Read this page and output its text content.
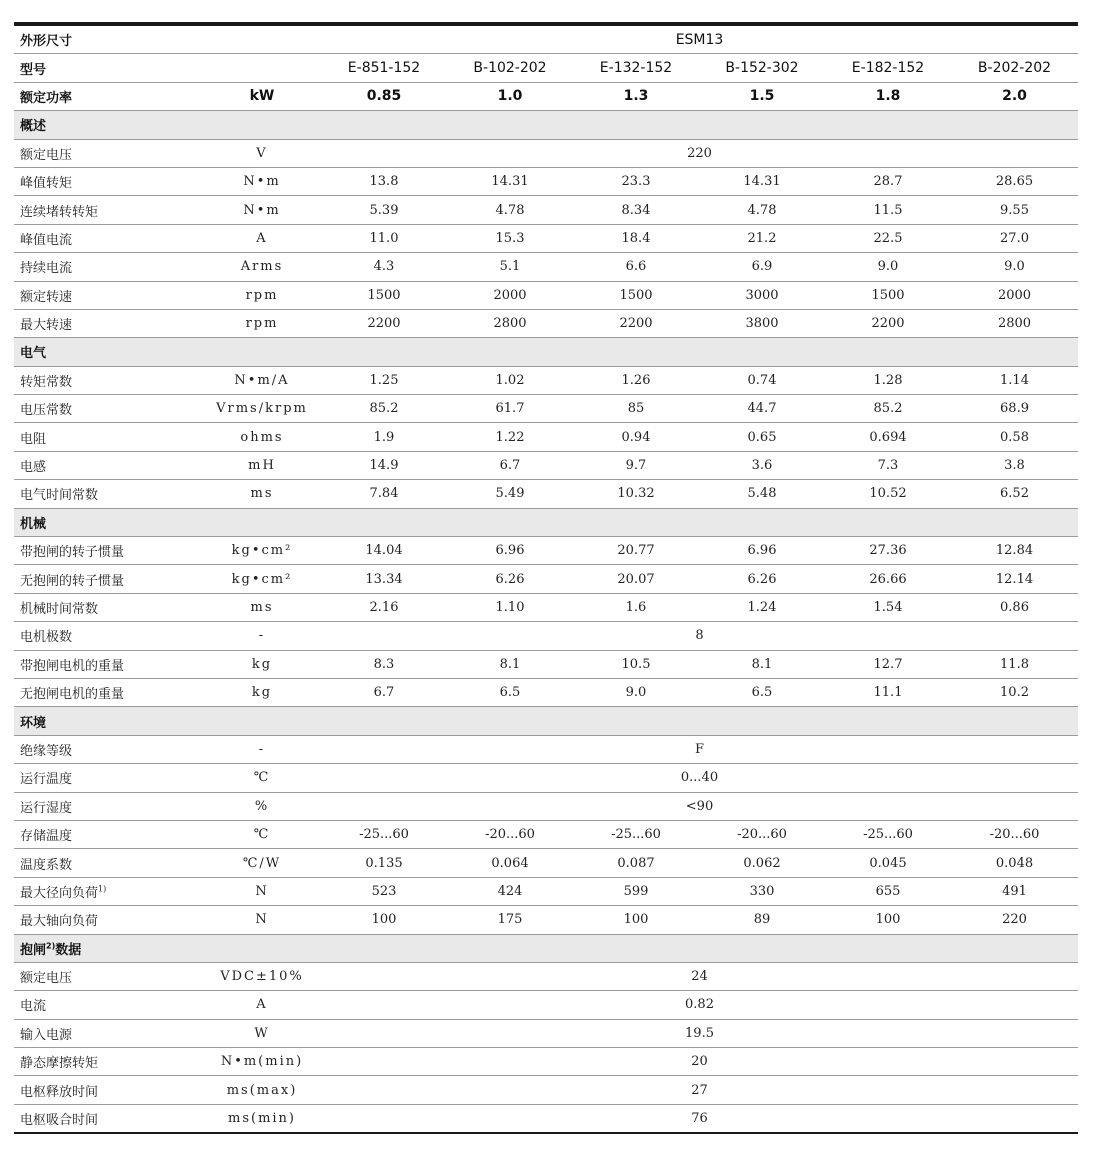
外形尺寸		ESM13					
型号		E-851-152	B-102-202	E-132-152	B-152-302	E-182-152	B-202-202
额定功率	kW	0.85	1.0	1.3	1.5	1.8	2.0
概述							
额定电压	V	220					
峰值转矩	N•m	13.8	14.31	23.3	14.31	28.7	28.65
连续堵转转矩	N•m	5.39	4.78	8.34	4.78	11.5	9.55
峰值电流	A	11.0	15.3	18.4	21.2	22.5	27.0
持续电流	Arms	4.3	5.1	6.6	6.9	9.0	9.0
额定转速	rpm	1500	2000	1500	3000	1500	2000
最大转速	rpm	2200	2800	2200	3800	2200	2800
电气							
转矩常数	N•m/A	1.25	1.02	1.26	0.74	1.28	1.14
电压常数	Vrms/krpm	85.2	61.7	85	44.7	85.2	68.9
电阻	ohms	1.9	1.22	0.94	0.65	0.694	0.58
电感	mH	14.9	6.7	9.7	3.6	7.3	3.8
电气时间常数	ms	7.84	5.49	10.32	5.48	10.52	6.52
机械							
带抱闸的转子惯量	kg•cm²	14.04	6.96	20.77	6.96	27.36	12.84
无抱闸的转子惯量	kg•cm²	13.34	6.26	20.07	6.26	26.66	12.14
机械时间常数	ms	2.16	1.10	1.6	1.24	1.54	0.86
电机极数	-	8					
带抱闸电机的重量	kg	8.3	8.1	10.5	8.1	12.7	11.8
无抱闸电机的重量	kg	6.7	6.5	9.0	6.5	11.1	10.2
环境							
绝缘等级	-	F					
运行温度	℃	0...40					
运行湿度	%	<90					
存储温度	℃	-25...60	-20...60	-25...60	-20...60	-25...60	-20...60
温度系数	℃/W	0.135	0.064	0.087	0.062	0.045	0.048
最大径向负荷$^{1)}$	N	523	424	599	330	655	491
最大轴向负荷	N	100	175	100	89	100	220
抱闸$^{2)}$数据							
额定电压	VDC±10%	24					
电流	A	0.82					
输入电源	W	19.5					
静态摩擦转矩	N•m(min)	20					
电枢释放时间	ms(max)	27					
电枢吸合时间	ms(min)	76					
